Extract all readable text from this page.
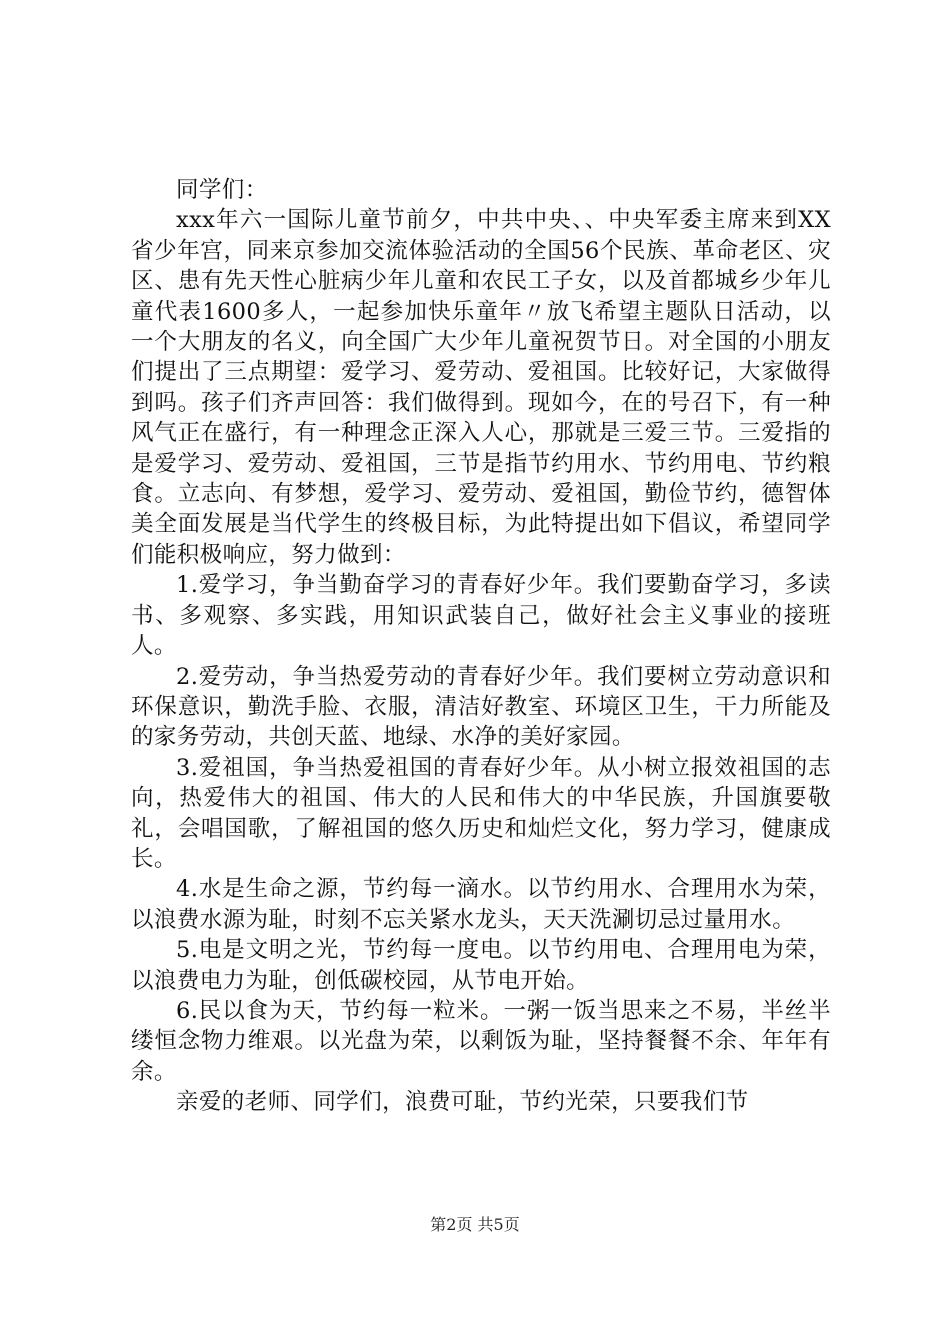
同学们：

xxx年六一国际儿童节前夕，中共中央、、中央军委主席来到XX省少年宫，同来京参加交流体验活动的全国56个民族、革命老区、灾区、患有先天性心脏病少年儿童和农民工子女，以及首都城乡少年儿童代表1600多人，一起参加快乐童年〃放飞希望主题队日活动，以一个大朋友的名义，向全国广大少年儿童祝贺节日。对全国的小朋友们提出了三点期望：爱学习、爱劳动、爱祖国。比较好记，大家做得到吗。孩子们齐声回答：我们做得到。现如今，在的号召下，有一种风气正在盛行，有一种理念正深入人心，那就是三爱三节。三爱指的是爱学习、爱劳动、爱祖国，三节是指节约用水、节约用电、节约粮食。立志向、有梦想，爱学习、爱劳动、爱祖国，勤俭节约，德智体美全面发展是当代学生的终极目标，为此特提出如下倡议，希望同学们能积极响应，努力做到：

1.爱学习，争当勤奋学习的青春好少年。我们要勤奋学习，多读书、多观察、多实践，用知识武装自己，做好社会主义事业的接班人。

2.爱劳动，争当热爱劳动的青春好少年。我们要树立劳动意识和环保意识，勤洗手脸、衣服，清洁好教室、环境区卫生，干力所能及的家务劳动，共创天蓝、地绿、水净的美好家园。

3.爱祖国，争当热爱祖国的青春好少年。从小树立报效祖国的志向，热爱伟大的祖国、伟大的人民和伟大的中华民族，升国旗要敬礼，会唱国歌，了解祖国的悠久历史和灿烂文化，努力学习，健康成长。

4.水是生命之源，节约每一滴水。以节约用水、合理用水为荣，以浪费水源为耻，时刻不忘关紧水龙头，天天洗涮切忌过量用水。

5.电是文明之光，节约每一度电。以节约用电、合理用电为荣，以浪费电力为耻，创低碳校园，从节电开始。

6.民以食为天，节约每一粒米。一粥一饭当思来之不易，半丝半缕恒念物力维艰。以光盘为荣，以剩饭为耻，坚持餐餐不余、年年有余。

亲爱的老师、同学们，浪费可耻，节约光荣，只要我们节

第2页 共5页
